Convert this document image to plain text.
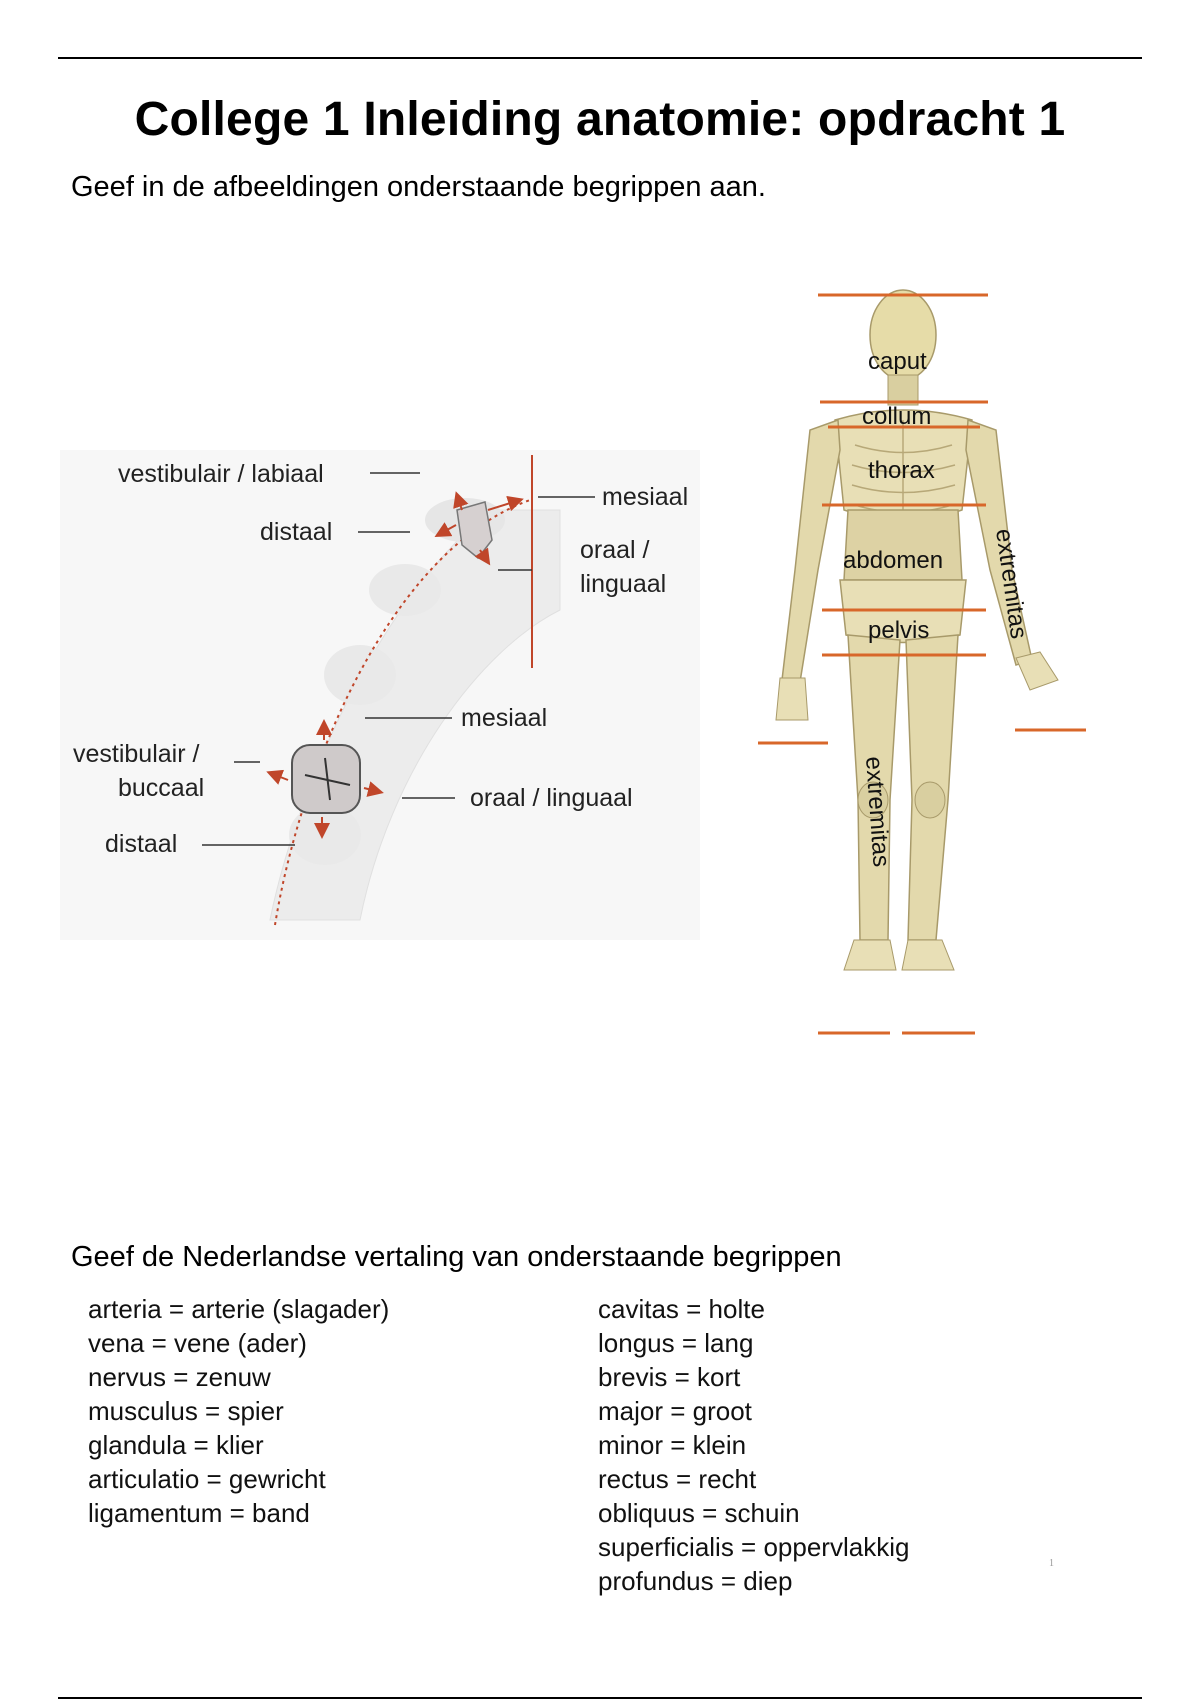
College 1 Inleiding anatomie: opdracht 1
Geef in de afbeeldingen onderstaande begrippen aan.
vestibulair / labiaal
distaal
mesiaal
oraal /
linguaal
mesiaal
vestibulair /
buccaal	oraal / linguaal
distaal
caput
collum
thorax
abdomen
pelvis	extremitas
extremitas
Geef de Nederlandse vertaling van onderstaande begrippen
arteria = arterie (slagader)
vena = vene (ader)
nervus = zenuw
musculus = spier
glandula = klier
articulatio = gewricht
ligamentum = band
cavitas = holte
longus = lang
brevis = kort
major = groot
minor = klein
rectus = recht
obliquus = schuin
superficialis = oppervlakkig
profundus = diep
1
